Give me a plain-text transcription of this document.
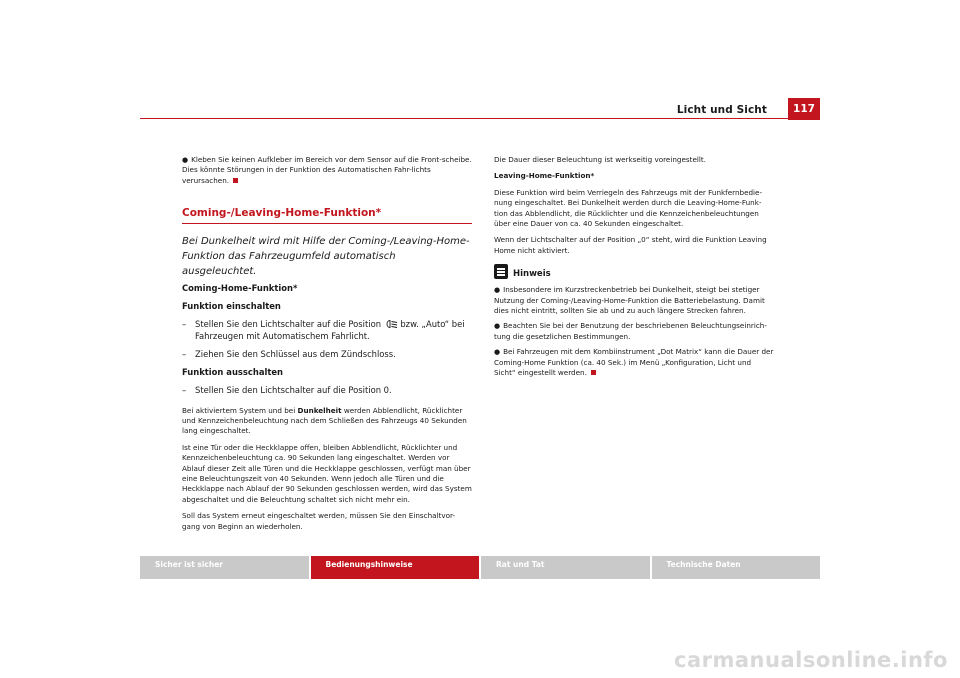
Licht und Sicht	117

● Kleben Sie keinen Aufkleber im Bereich vor dem Sensor auf die Front-scheibe. Dies könnte Störungen in der Funktion des Automatischen Fahr-lichts verursachen.

Coming-/Leaving-Home-Funktion*
Bei Dunkelheit wird mit Hilfe der Coming-/Leaving-Home-Funktion das Fahrzeugumfeld automatisch ausgeleuchtet.

Coming-Home-Funktion*

Funktion einschalten

– Stellen Sie den Lichtschalter auf die Position bzw. „Auto“ bei Fahrzeugen mit Automatischem Fahrlicht.
– Ziehen Sie den Schlüssel aus dem Zündschloss.

Funktion ausschalten

– Stellen Sie den Lichtschalter auf die Position 0.

Bei aktiviertem System und bei Dunkelheit werden Abblendlicht, Rücklichter und Kennzeichenbeleuchtung nach dem Schließen des Fahrzeugs 40 Sekunden lang eingeschaltet.

Ist eine Tür oder die Heckklappe offen, bleiben Abblendlicht, Rücklichter und Kennzeichenbeleuchtung ca. 90 Sekunden lang eingeschaltet. Werden vor Ablauf dieser Zeit alle Türen und die Heckklappe geschlossen, verfügt man über eine Beleuchtungszeit von 40 Sekunden. Wenn jedoch alle Türen und die Heckklappe nach Ablauf der 90 Sekunden geschlossen werden, wird das System abgeschaltet und die Beleuchtung schaltet sich nicht mehr ein.

Soll das System erneut eingeschaltet werden, müssen Sie den Einschaltvor-gang von Beginn an wiederholen.

Die Dauer dieser Beleuchtung ist werkseitig voreingestellt.

Leaving-Home-Funktion*

Diese Funktion wird beim Verriegeln des Fahrzeugs mit der Funkfernbedie-nung eingeschaltet. Bei Dunkelheit werden durch die Leaving-Home-Funk-tion das Abblendlicht, die Rücklichter und die Kennzeichenbeleuchtungen über eine Dauer von ca. 40 Sekunden eingeschaltet.

Wenn der Lichtschalter auf der Position „0“ steht, wird die Funktion Leaving Home nicht aktiviert.

Hinweis

● Insbesondere im Kurzstreckenbetrieb bei Dunkelheit, steigt bei stetiger Nutzung der Coming-/Leaving-Home-Funktion die Batteriebelastung. Damit dies nicht eintritt, sollten Sie ab und zu auch längere Strecken fahren.

● Beachten Sie bei der Benutzung der beschriebenen Beleuchtungseinrich-tung die gesetzlichen Bestimmungen.

● Bei Fahrzeugen mit dem Kombiinstrument „Dot Matrix“ kann die Dauer der Coming-Home Funktion (ca. 40 Sek.) im Menü „Konfiguration, Licht und Sicht“ eingestellt werden.

Sicher ist sicher	Bedienungshinweise	Rat und Tat	Technische Daten
carmanualsonline.info
